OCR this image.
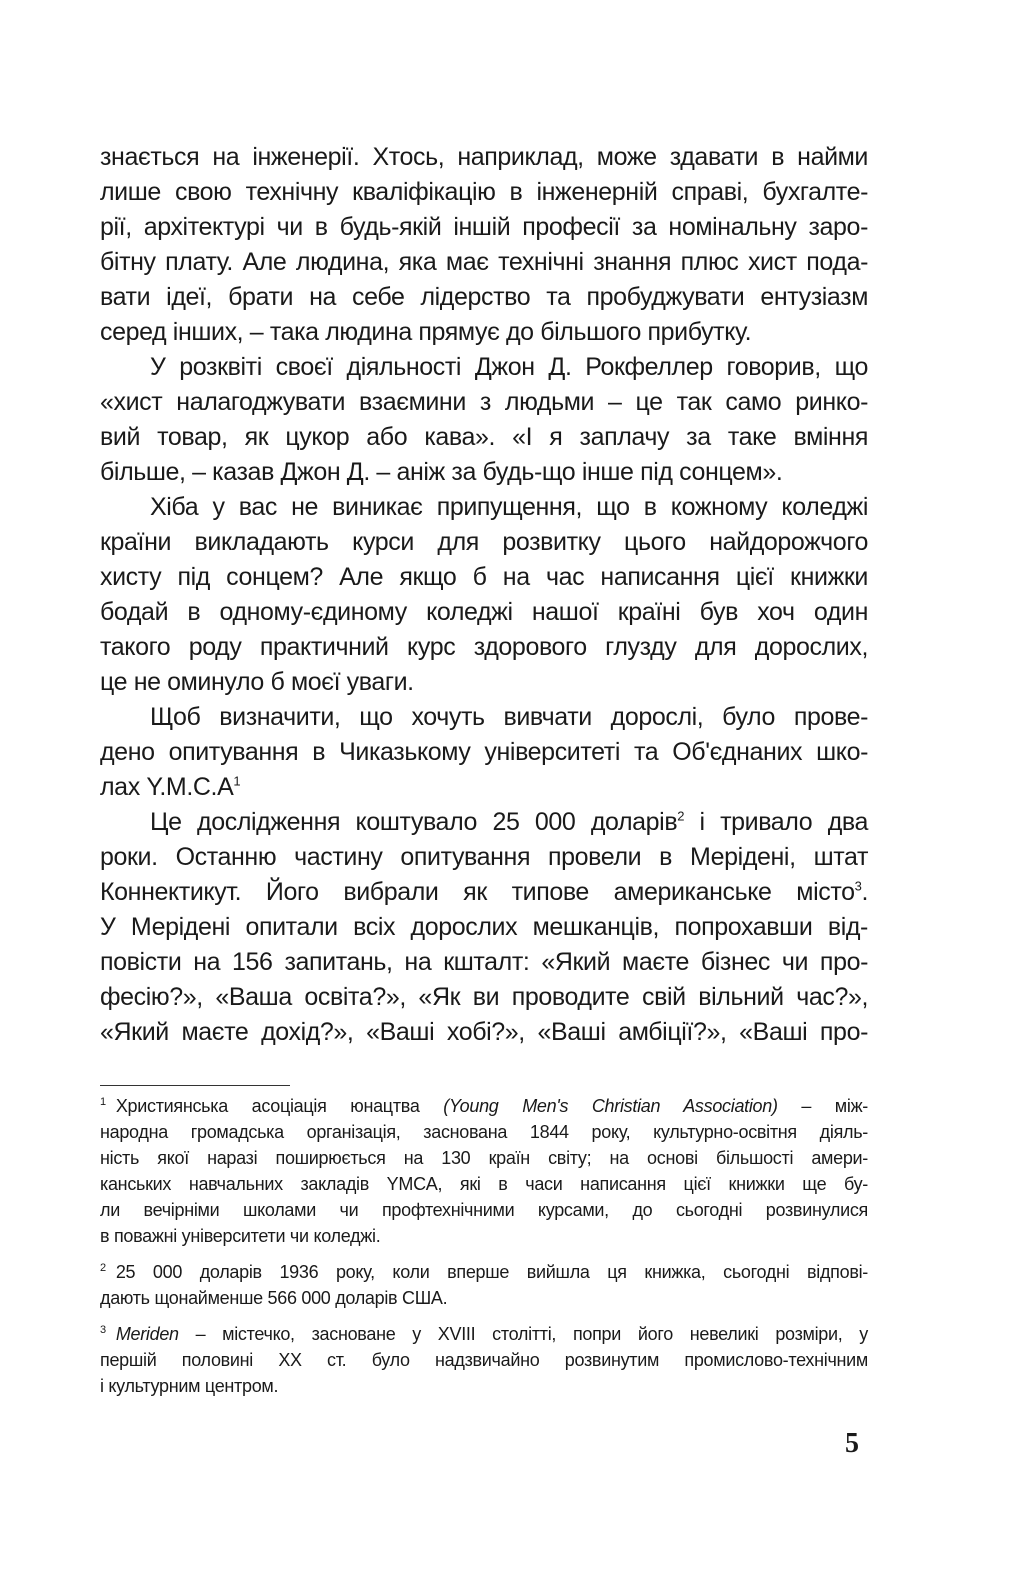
знається на інженерії. Хтось, наприклад, може здавати в найми
лише свою технічну кваліфікацію в інженерній справі, бухгалте-
рії, архітектурі чи в будь-якій іншій професії за номінальну заро-
бітну плату. Але людина, яка має технічні знання плюс хист пода-
вати ідеї, брати на себе лідерство та пробуджувати ентузіазм
серед інших, – така людина прямує до більшого прибутку.
У розквіті своєї діяльності Джон Д. Рокфеллер говорив, що
«хист налагоджувати взаємини з людьми – це так само ринко-
вий товар, як цукор або кава». «І я заплачу за таке вміння
більше, – казав Джон Д. – аніж за будь-що інше під сонцем».
Хіба у вас не виникає припущення, що в кожному коледжі
країни викладають курси для розвитку цього найдорожчого
хисту під сонцем? Але якщо б на час написання цієї книжки
бодай в одному-єдиному коледжі нашої країні був хоч один
такого роду практичний курс здорового глузду для дорослих,
це не оминуло б моєї уваги.
Щоб визначити, що хочуть вивчати дорослі, було прове-
дено опитування в Чиказькому університеті та Об'єднаних шко-
лах $Y.M.C.A^1$
Це дослідження коштувало 25 000 доларів$^2$ і тривало два
роки. Останню частину опитування провели в Мерідені, штат
Коннектикут. Його вибрали як типове американське місто$^3$.
У Мерідені опитали всіх дорослих мешканців, попрохавши від-
повісти на 156 запитань, на кшталт: «Який маєте бізнес чи про-
фесію?», «Ваша освіта?», «Як ви проводите свій вільний час?»,
«Який маєте дохід?», «Ваші хобі?», «Ваші амбіції?», «Ваші про-
$^1$ Християнська асоціація юнацтва (Young Men's Christian Association) – між-
народна громадська організація, заснована 1844 року, культурно-освітня діяль-
ність якої наразі поширюється на 130 країн світу; на основі більшості амери-
канських навчальних закладів YMCA, які в часи написання цієї книжки ще бу-
ли вечірніми школами чи профтехнічними курсами, до сьогодні розвинулися
в поважні університети чи коледжі.
$^2$ 25 000 доларів 1936 року, коли вперше вийшла ця книжка, сьогодні відпові-
дають щонайменше 566 000 доларів США.
$^3$ Meriden – містечко, засноване у XVIII столітті, попри його невеликі розміри, у
першій половині XX ст. було надзвичайно розвинутим промислово-технічним
і культурним центром.
5
